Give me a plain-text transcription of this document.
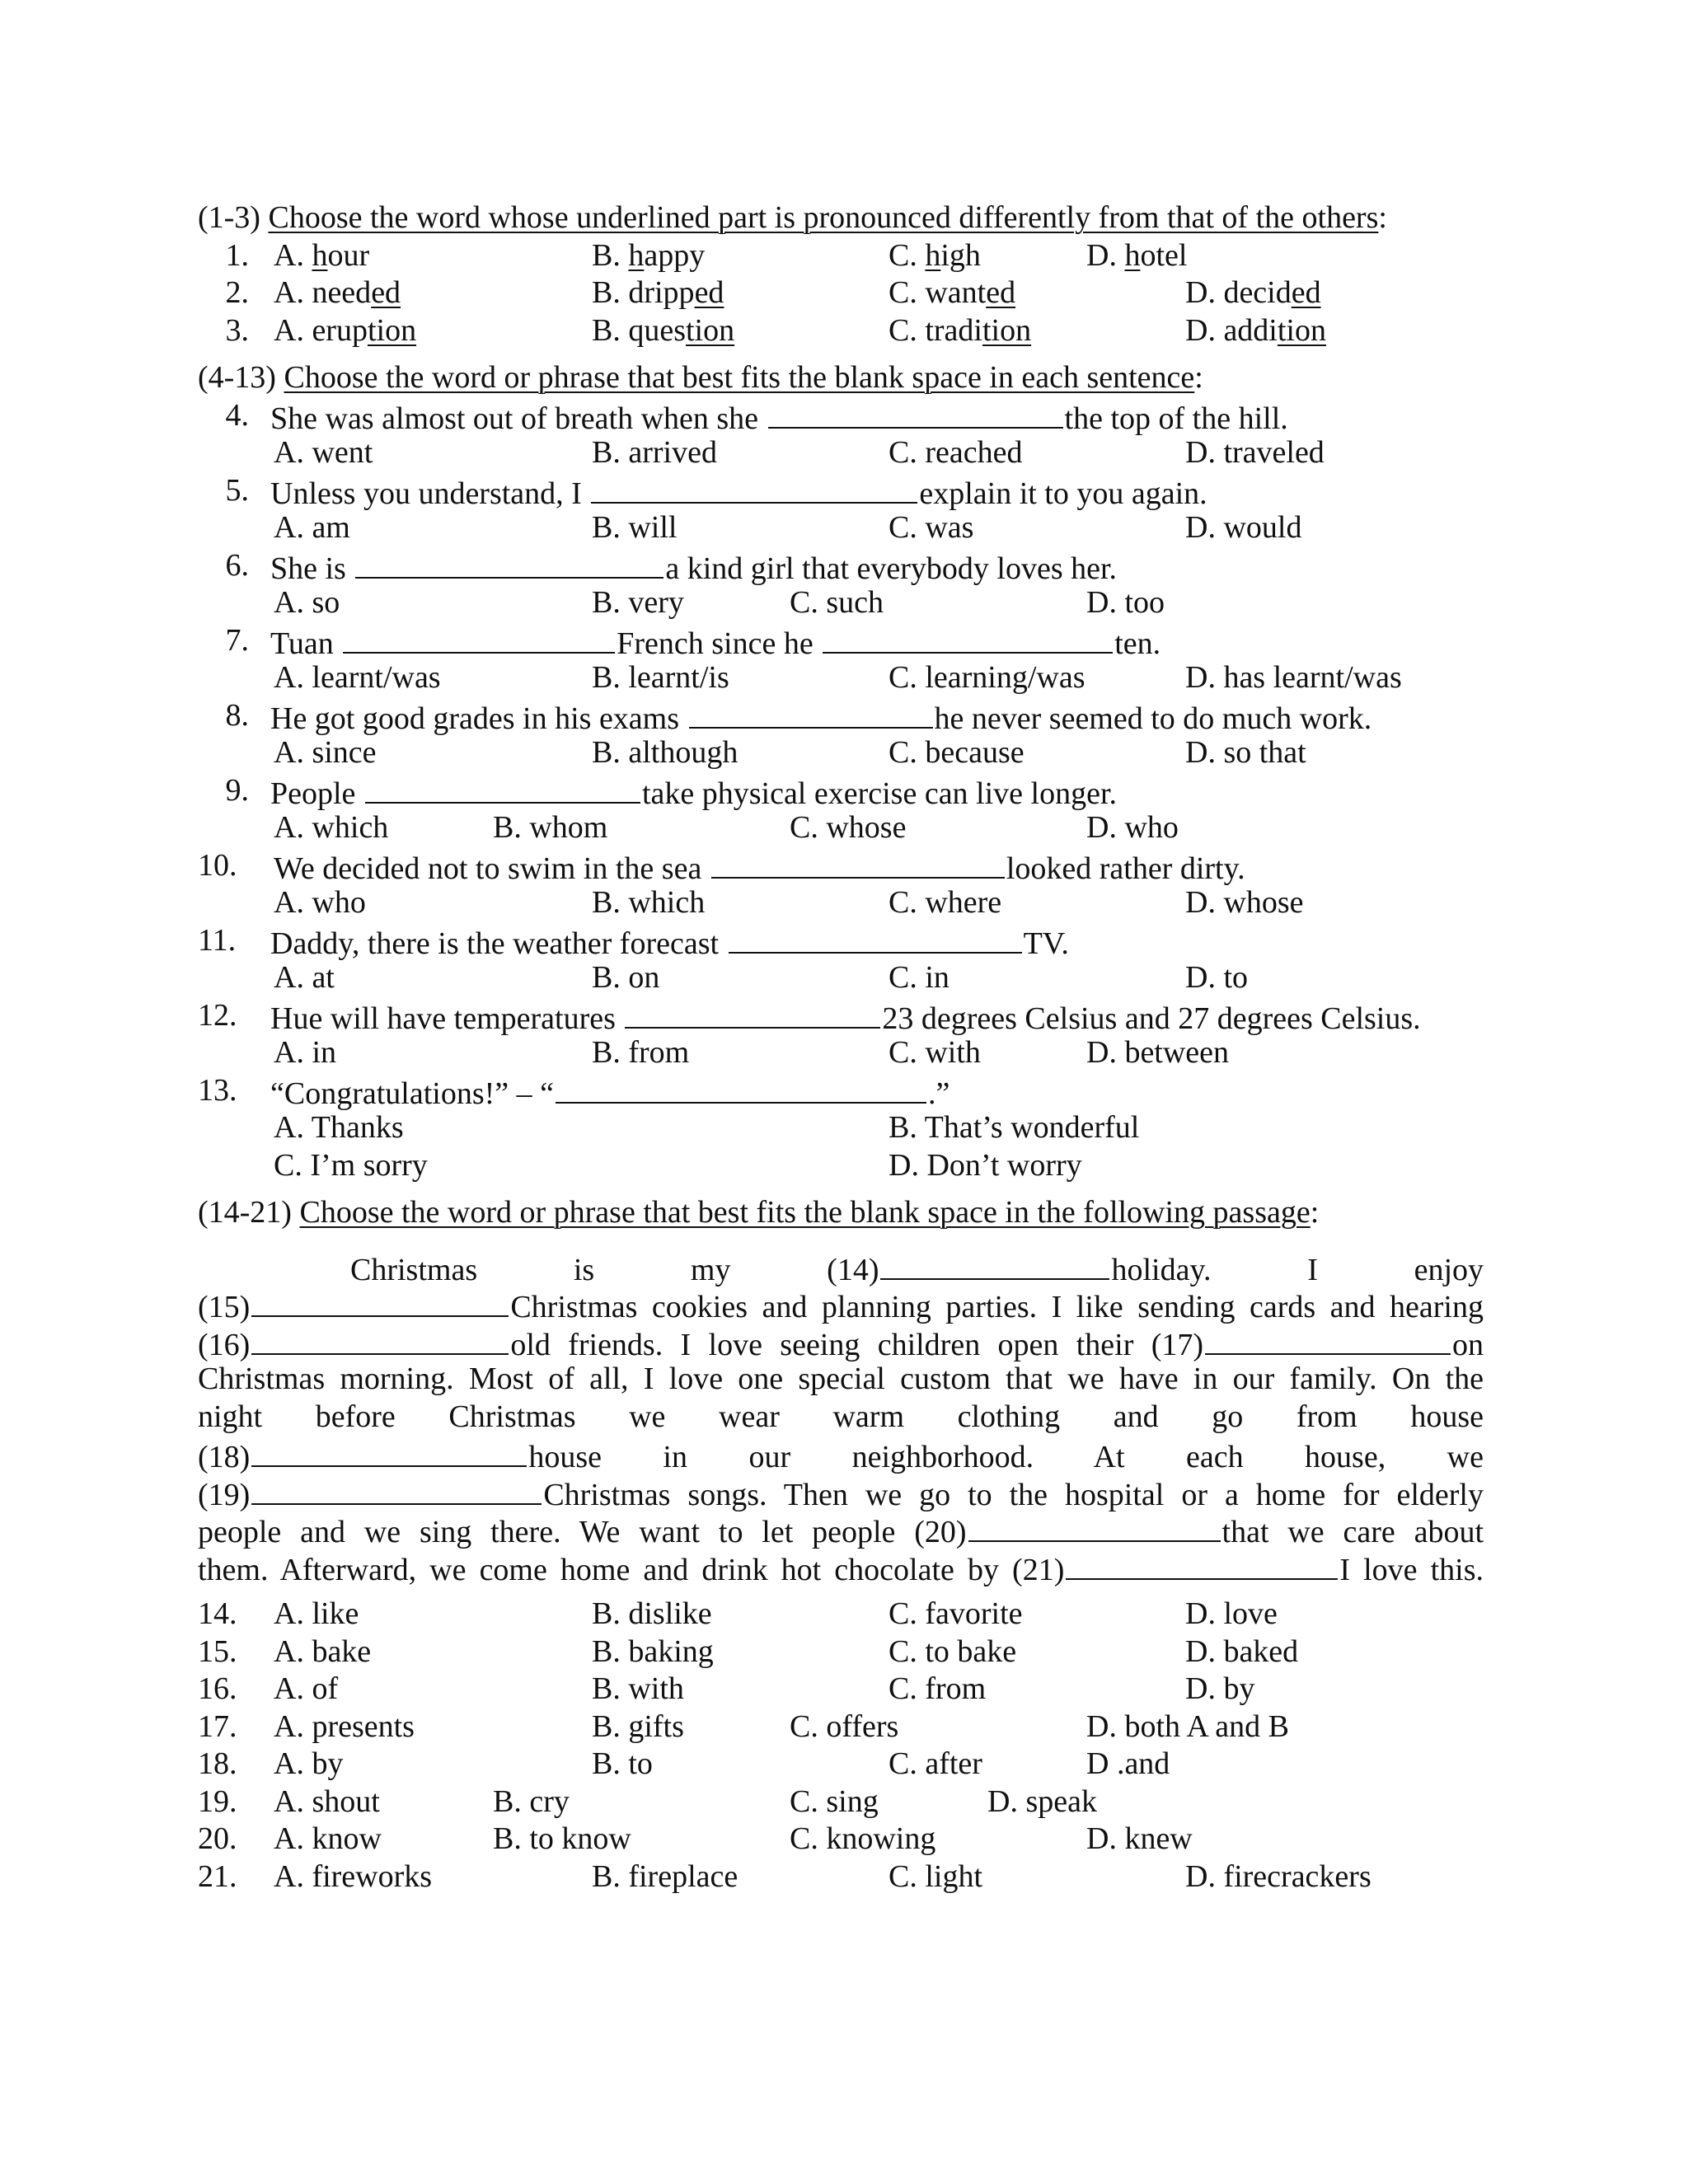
(1-3) Choose the word whose underlined part is pronounced differently from that of the others:
1. A. hour	B. happy	C. high	D. hotel
2. A. needed	B. dripped	C. wanted	D. decided
3. A. eruption	B. question	C. tradition	D. addition
(4-13) Choose the word or phrase that best fits the blank space in each sentence:
4. She was almost out of breath when she	the top of the hill.
A. went	B. arrived	C. reached	D. traveled
5. Unless you understand, I	explain it to you again.
A. am	B. will	C. was	D. would
6. She is	a kind girl that everybody loves her.
A. so	B. very	C. such	D. too
7. Tuan	French since he	ten.
A. learnt/was	B. learnt/is	C. learning/was	D. has learnt/was
8. He got good grades in his exams	he never seemed to do much work.
A. since	B. although	C. because	D. so that
9. People	take physical exercise can live longer.
A. which	B. whom	C. whose	D. who
10. We decided not to swim in the sea	looked rather dirty.
A. who	B. which	C. where	D. whose
11. Daddy, there is the weather forecast	TV.
A. at	B. on	C. in	D. to
12. Hue will have temperatures	23 degrees Celsius and 27 degrees Celsius.
A. in	B. from	C. with	D. between
13. “Congratulations!” – “	.”
A. Thanks	B. That’s wonderful
C. I’m sorry	D. Don’t worry
(14-21) Choose the word or phrase that best fits the blank space in the following passage:
Christmas is my (14)	holiday. I enjoy
(15)	Christmas cookies and planning parties. I like sending cards and hearing
(16)	old friends. I love seeing children open their (17)	on
Christmas morning. Most of all, I love one special custom that we have in our family. On the
night before Christmas we wear warm clothing and go from house
(18)	house in our neighborhood. At each house, we
(19)	Christmas songs. Then we go to the hospital or a home for elderly
people and we sing there. We want to let people (20)	that we care about
them. Afterward, we come home and drink hot chocolate by (21)	I love this.
14. A. like	B. dislike	C. favorite	D. love
15. A. bake	B. baking	C. to bake	D. baked
16. A. of	B. with	C. from	D. by
17. A. presents	B. gifts	C. offers	D. both A and B
18. A. by	B. to	C. after	D .and
19. A. shout	B. cry	C. sing	D. speak
20. A. know	B. to know	C. knowing	D. knew
21. A. fireworks	B. fireplace	C. light	D. firecrackers
